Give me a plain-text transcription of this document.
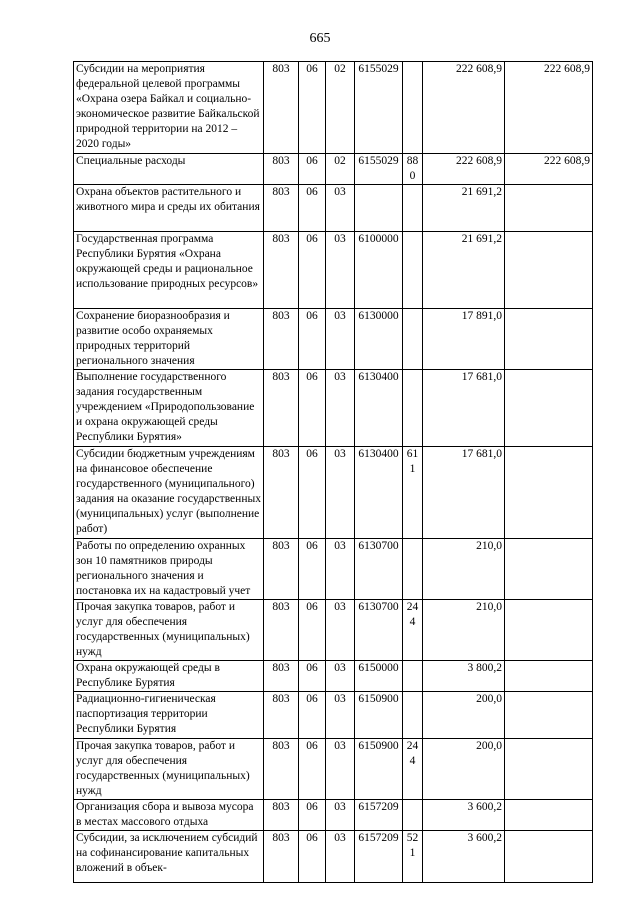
665
Субсидии на мероприятия федеральной целевой программы «Охрана озера Байкал и социально-экономическое развитие Байкальской природной территории на 2012 – 2020 годы»	803	06	02	6155029		222 608,9	222 608,9
Специальные расходы	803	06	02	6155029	880	222 608,9	222 608,9
Охрана объектов растительного и животного мира и среды их обитания	803	06	03			21 691,2	
Государственная программа Республики Бурятия «Охрана окружающей среды и рациональное использование природных ресурсов»	803	06	03	6100000		21 691,2	
Сохранение биоразнообразия и развитие особо охраняемых природных территорий регионального значения	803	06	03	6130000		17 891,0	
Выполнение государственного задания государственным учреждением «Природопользование и охрана окружающей среды Республики Бурятия»	803	06	03	6130400		17 681,0	
Субсидии бюджетным учреждениям на финансовое обеспечение государственного (муниципального) задания на оказание государственных (муниципальных) услуг (выполнение работ)	803	06	03	6130400	611	17 681,0	
Работы по определению охранных зон 10 памятников природы регионального значения и постановка их на кадастровый учет	803	06	03	6130700		210,0	
Прочая закупка товаров, работ и услуг для обеспечения государственных (муниципальных) нужд	803	06	03	6130700	244	210,0	
Охрана окружающей среды в Республике Бурятия	803	06	03	6150000		3 800,2	
Радиационно-гигиеническая паспортизация территории Республики Бурятия	803	06	03	6150900		200,0	
Прочая закупка товаров, работ и услуг для обеспечения государственных (муниципальных) нужд	803	06	03	6150900	244	200,0	
Организация сбора и вывоза мусора в местах массового отдыха	803	06	03	6157209		3 600,2	
Субсидии, за исключением субсидий на софинансирование капитальных вложений в объек-	803	06	03	6157209	521	3 600,2	
